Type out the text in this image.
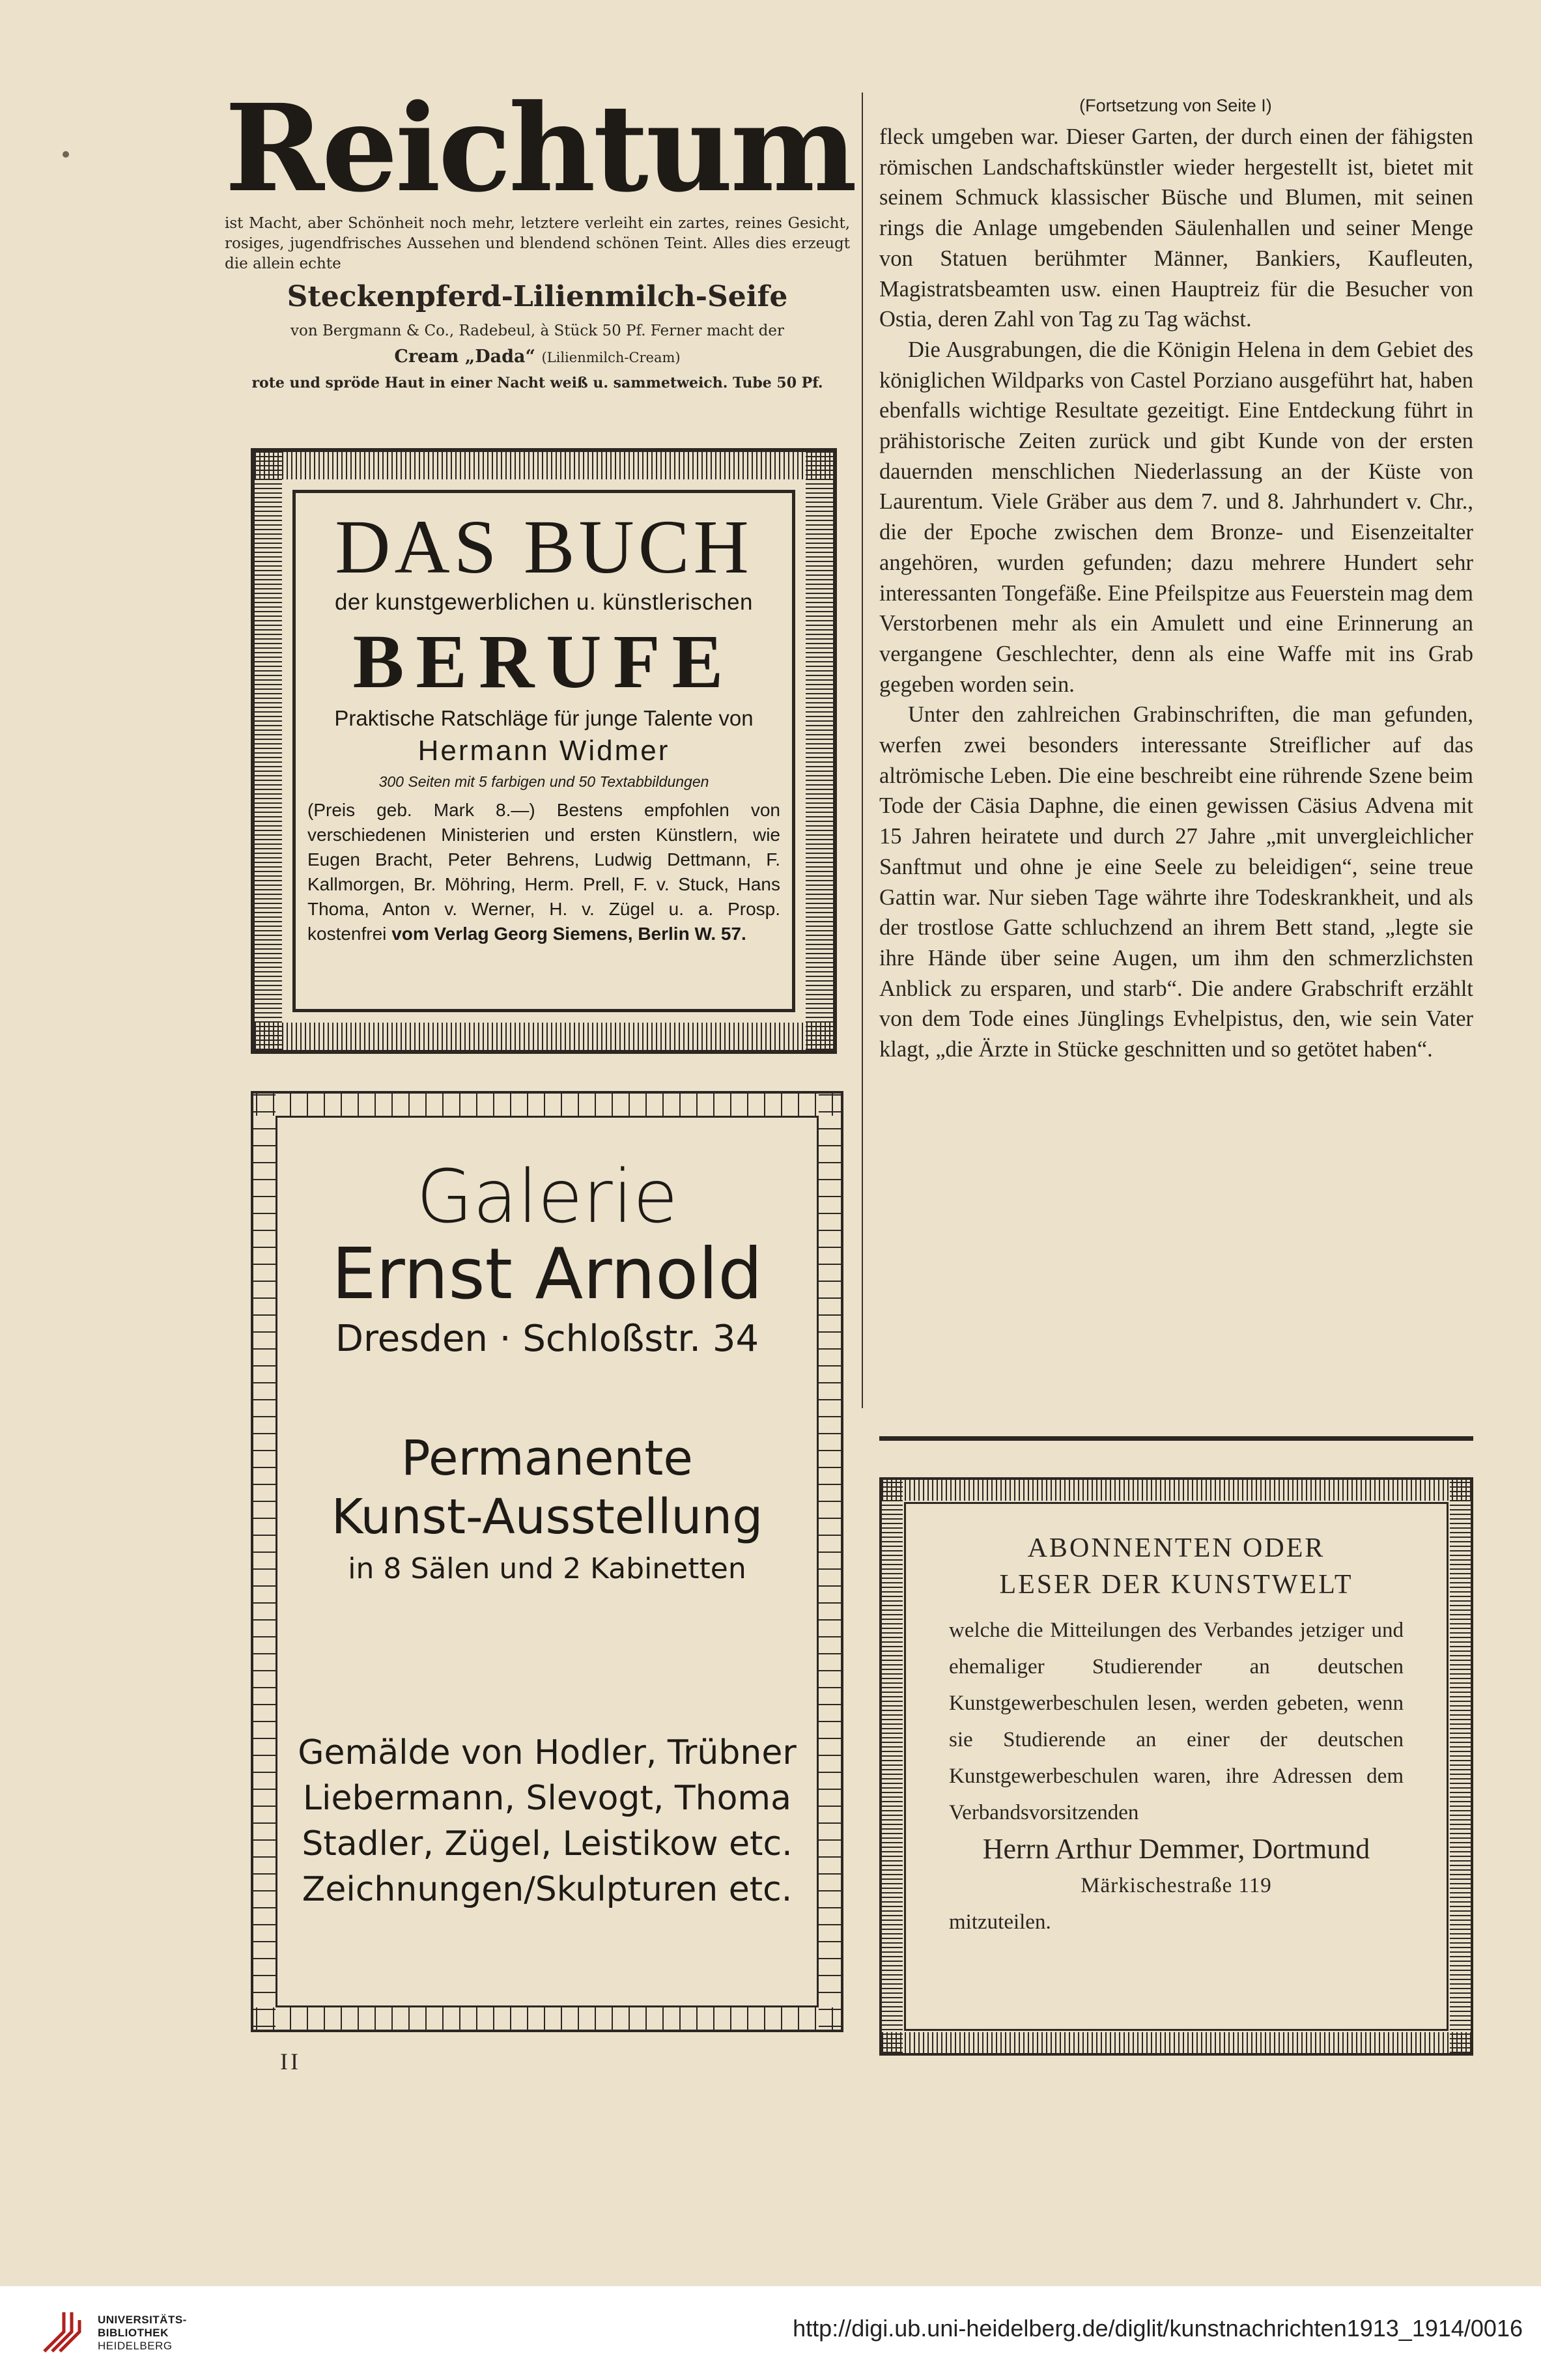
Reichtum
ist Macht, aber Schönheit noch mehr, letztere verleiht ein zartes, reines Gesicht, rosiges, jugendfrisches Aussehen und blendend schönen Teint. Alles dies erzeugt die allein echte
Steckenpferd-Lilienmilch-Seife
von Bergmann & Co., Radebeul, à Stück 50 Pf. Ferner macht der
Cream „Dada“ (Lilienmilch-Cream)
rote und spröde Haut in einer Nacht weiß u. sammetweich. Tube 50 Pf.
DAS BUCH
der kunstgewerblichen u. künstlerischen
BERUFE
Praktische Ratschläge für junge Talente von
Hermann Widmer
300 Seiten mit 5 farbigen und 50 Textabbildungen
(Preis geb. Mark 8.—) Bestens empfohlen von verschiedenen Ministerien und ersten Künstlern, wie Eugen Bracht, Peter Behrens, Ludwig Dettmann, F. Kallmorgen, Br. Möhring, Herm. Prell, F. v. Stuck, Hans Thoma, Anton v. Werner, H. v. Zügel u. a. Prosp. kostenfrei vom Verlag Georg Siemens, Berlin W. 57.
Galerie
Ernst Arnold
Dresden · Schloßstr. 34
Permanente
Kunst-Ausstellung
in 8 Sälen und 2 Kabinetten
Gemälde von Hodler, Trübner
Liebermann, Slevogt, Thoma
Stadler, Zügel, Leistikow etc.
Zeichnungen/Skulpturen etc.
II
(Fortsetzung von Seite I)

fleck umgeben war. Dieser Garten, der durch einen der fähigsten römischen Landschaftskünstler wieder hergestellt ist, bietet mit seinem Schmuck klassischer Büsche und Blumen, mit seinen rings die Anlage umgebenden Säulenhallen und seiner Menge von Statuen berühmter Männer, Bankiers, Kaufleuten, Magistratsbeamten usw. einen Hauptreiz für die Besucher von Ostia, deren Zahl von Tag zu Tag wächst.

Die Ausgrabungen, die die Königin Helena in dem Gebiet des königlichen Wildparks von Castel Porziano ausgeführt hat, haben ebenfalls wichtige Resultate gezeitigt. Eine Entdeckung führt in prähistorische Zeiten zurück und gibt Kunde von der ersten dauernden menschlichen Niederlassung an der Küste von Laurentum. Viele Gräber aus dem 7. und 8. Jahrhundert v. Chr., die der Epoche zwischen dem Bronze- und Eisenzeitalter angehören, wurden gefunden; dazu mehrere Hundert sehr interessanten Tongefäße. Eine Pfeilspitze aus Feuerstein mag dem Verstorbenen mehr als ein Amulett und eine Erinnerung an vergangene Geschlechter, denn als eine Waffe mit ins Grab gegeben worden sein.

Unter den zahlreichen Grabinschriften, die man gefunden, werfen zwei besonders interessante Streiflicher auf das altrömische Leben. Die eine beschreibt eine rührende Szene beim Tode der Cäsia Daphne, die einen gewissen Cäsius Advena mit 15 Jahren heiratete und durch 27 Jahre „mit unvergleichlicher Sanftmut und ohne je eine Seele zu beleidigen“, seine treue Gattin war. Nur sieben Tage währte ihre Todeskrankheit, und als der trostlose Gatte schluchzend an ihrem Bett stand, „legte sie ihre Hände über seine Augen, um ihm den schmerzlichsten Anblick zu ersparen, und starb“. Die andere Grabschrift erzählt von dem Tode eines Jünglings Evhelpistus, den, wie sein Vater klagt, „die Ärzte in Stücke geschnitten und so getötet haben“.

ABONNENTEN ODER
LESER DER KUNSTWELT
welche die Mitteilungen des Verbandes jetziger und ehemaliger Studierender an deutschen Kunstgewerbeschulen lesen, werden gebeten, wenn sie Studierende an einer der deutschen Kunstgewerbeschulen waren, ihre Adressen dem Verbandsvorsitzenden
Herrn Arthur Demmer, Dortmund
Märkischestraße 119
mitzuteilen.
UNIVERSITÄTS-
BIBLIOTHEK
HEIDELBERG
http://digi.ub.uni-heidelberg.de/diglit/kunstnachrichten1913_1914/0016
